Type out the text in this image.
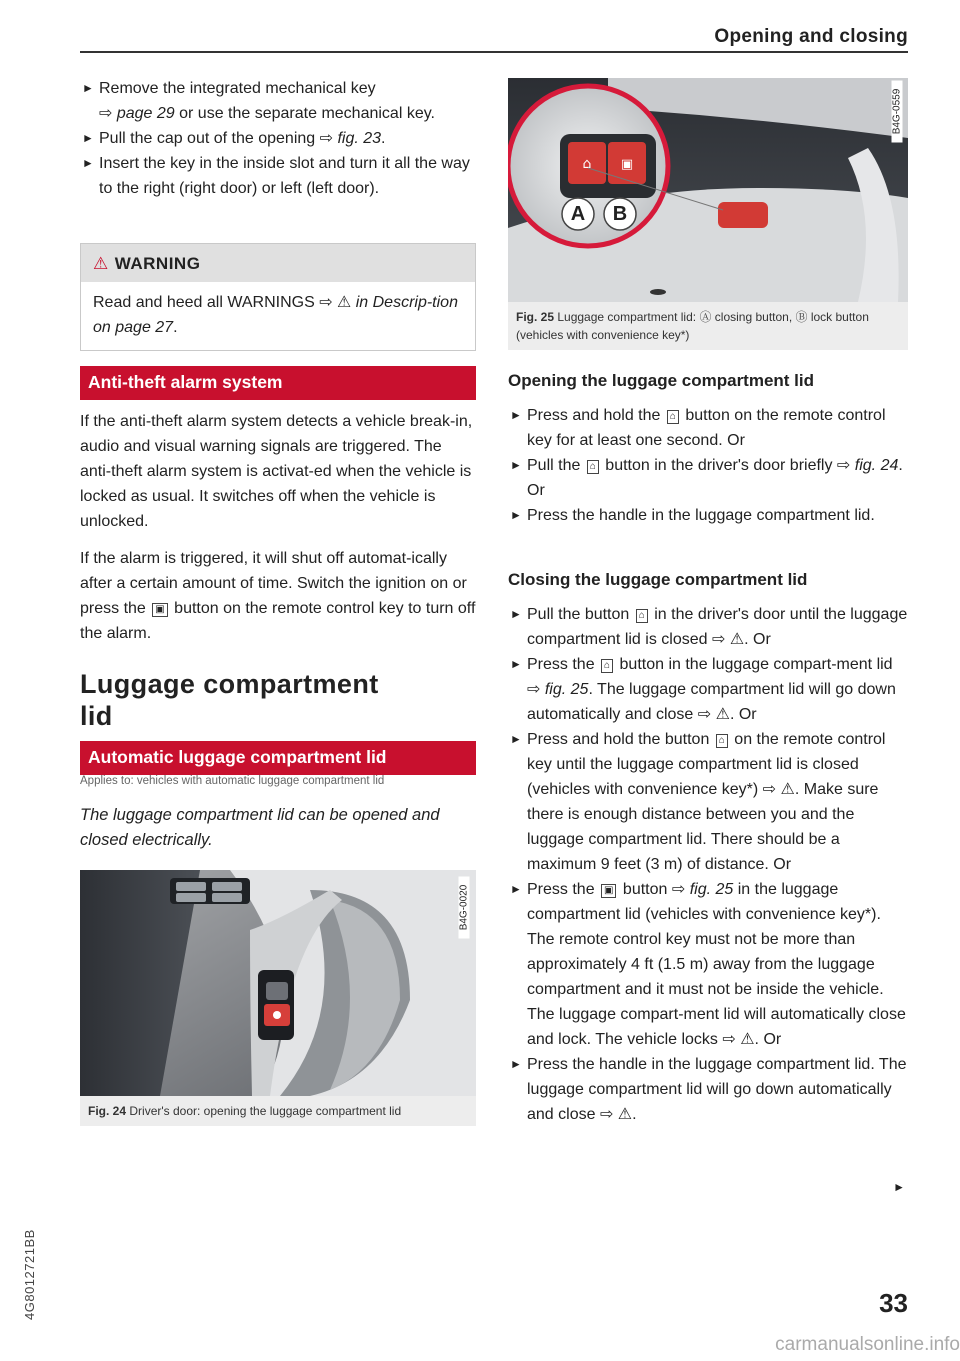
Opening and closing

► Remove the integrated mechanical key
⇨ page 29 or use the separate mechanical key.

► Pull the cap out of the opening ⇨ fig. 23.

► Insert the key in the inside slot and turn it all the way to the right (right door) or left (left door).

⚠ WARNING
Read and heed all WARNINGS ⇨ ⚠ in Descrip-tion on page 27.
Anti-theft alarm system

If the anti-theft alarm system detects a vehicle break-in, audio and visual warning signals are triggered. The anti-theft alarm system is activat-ed when the vehicle is locked as usual. It switches off when the vehicle is unlocked.

If the alarm is triggered, it will shut off automat-ically after a certain amount of time. Switch the ignition on or press the ▣ button on the remote control key to turn off the alarm.

Luggage compartment
lid
Automatic luggage compartment lid
Applies to: vehicles with automatic luggage compartment lid
The luggage compartment lid can be opened and closed electrically.
B4G-0020
Fig. 24 Driver's door: opening the luggage compartment lid
⌂ ▣
A	B
B4G-0559
Fig. 25 Luggage compartment lid: Ⓐ closing button, Ⓑ lock button (vehicles with convenience key*)
Opening the luggage compartment lid

► Press and hold the ⌂ button on the remote control key for at least one second. Or

► Pull the ⌂ button in the driver's door briefly ⇨ fig. 24. Or

► Press the handle in the luggage compartment lid.

Closing the luggage compartment lid

► Pull the button ⌂ in the driver's door until the luggage compartment lid is closed ⇨ ⚠. Or

► Press the ⌂ button in the luggage compart-ment lid ⇨ fig. 25. The luggage compartment lid will go down automatically and close ⇨ ⚠. Or

► Press and hold the button ⌂ on the remote control key until the luggage compartment lid is closed (vehicles with convenience key*) ⇨ ⚠. Make sure there is enough distance between you and the luggage compartment lid. There should be a maximum 9 feet (3 m) of distance. Or

► Press the ▣ button ⇨ fig. 25 in the luggage compartment lid (vehicles with convenience key*). The remote control key must not be more than approximately 4 ft (1.5 m) away from the luggage compartment and it must not be inside the vehicle. The luggage compart-ment lid will automatically close and lock. The vehicle locks ⇨ ⚠. Or

► Press the handle in the luggage compartment lid. The luggage compartment lid will go down automatically and close ⇨ ⚠.

►
4G8012721BB	33
carmanualsonline.info
